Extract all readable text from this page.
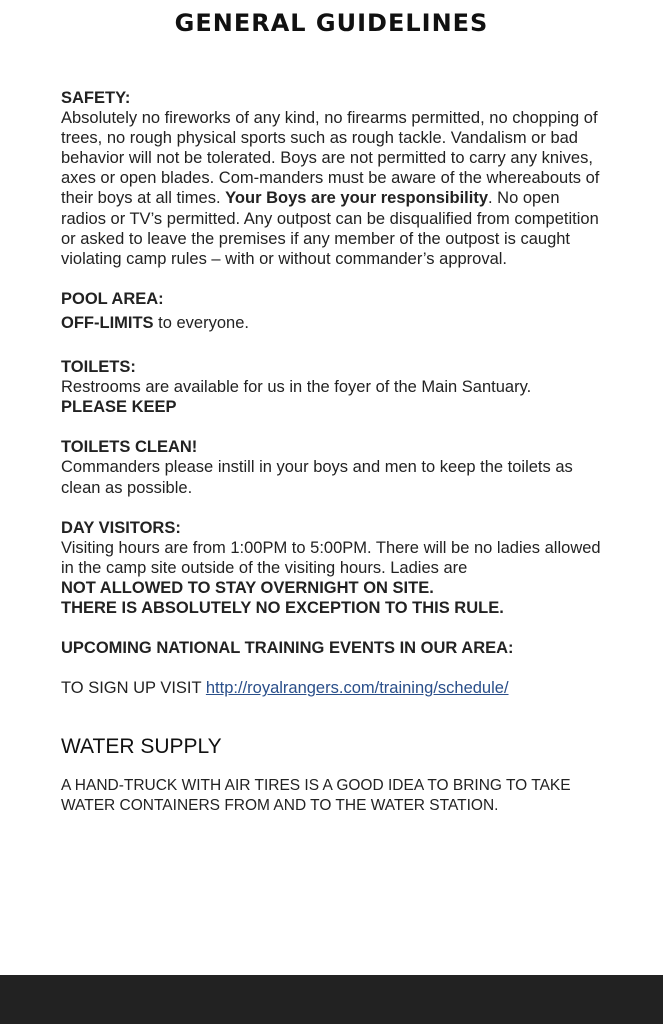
GENERAL GUIDELINES
SAFETY:

Absolutely no fireworks of any kind, no firearms permitted, no chopping of trees, no rough physical sports such as rough tackle. Vandalism or bad behavior will not be tolerated. Boys are not permitted to carry any knives, axes or open blades. Com-manders must be aware of the whereabouts of their boys at all times. Your Boys are your responsibility. No open radios or TV’s permitted. Any outpost can be disqualified from competition or asked to leave the premises if any member of the outpost is caught violating camp rules – with or without commander’s approval.

POOL AREA:

OFF-LIMITS to everyone.

TOILETS:

Restrooms are available for us in the foyer of the Main Santuary.

PLEASE KEEP

TOILETS CLEAN!

Commanders please instill in your boys and men to keep the toilets as clean as possible.

DAY VISITORS:

Visiting hours are from 1:00PM to 5:00PM. There will be no ladies allowed in the camp site outside of the visiting hours. Ladies are

NOT ALLOWED TO STAY OVERNIGHT ON SITE.

THERE IS ABSOLUTELY NO EXCEPTION TO THIS RULE.

UPCOMING NATIONAL TRAINING EVENTS IN OUR AREA:

TO SIGN UP VISIT http://royalrangers.com/training/schedule/

WATER SUPPLY

A HAND-TRUCK WITH AIR TIRES IS A GOOD IDEA TO BRING TO TAKE WATER CONTAINERS FROM AND TO THE WATER STATION.
